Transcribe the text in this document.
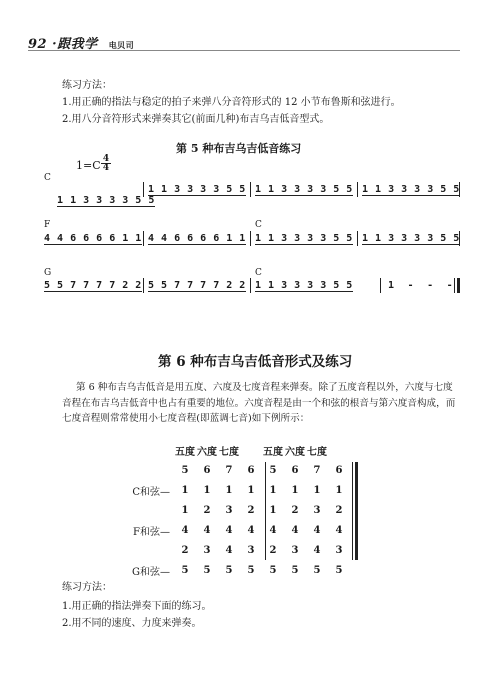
92 ·跟我学 电贝司
练习方法：
1.用正确的指法与稳定的拍子来弹八分音符形式的 12 小节布鲁斯和弦进行。
2.用八分音符形式来弹奏其它(前面几种)布吉乌吉低音型式。
第 5 种布吉乌吉低音练习
1=C 4
4
C

1 1 3 3 3 3 5 5

1 1 3 3 3 3 5 5 1 1 3 3 3 3 5 5 1 1 3 3 3 3 5 5
F	C
4 4 6 6 6 6 1 1 4 4 6 6 6 6 1 1 1 1 3 3 3 3 5 5 1 1 3 3 3 3 5 5
G	C
5 5 7 7 7 7 2 2 5 5 7 7 7 7 2 2 1 1 3 3 3 3 5 5	1  -  -  -
第 6 种布吉乌吉低音形式及练习
第 6 种布吉乌吉低音是用五度、六度及七度音程来弹奏。除了五度音程以外，六度与七度音程在布吉乌吉低音中也占有重要的地位。六度音程是由一个和弦的根音与第六度音构成，而七度音程则常常使用小七度音程(即蓝调七音)如下例所示：
	五度	六度	七度		五度	六度	七度	
	5	6	7	6	5	6	7	6
C和弦—	1	1	1	1	1	1	1	1
	1	2	3	2	1	2	3	2
F和弦—	4	4	4	4	4	4	4	4
	2	3	4	3	2	3	4	3
G和弦—	5	5	5	5	5	5	5	5
练习方法：
1.用正确的指法弹奏下面的练习。
2.用不同的速度、力度来弹奏。
